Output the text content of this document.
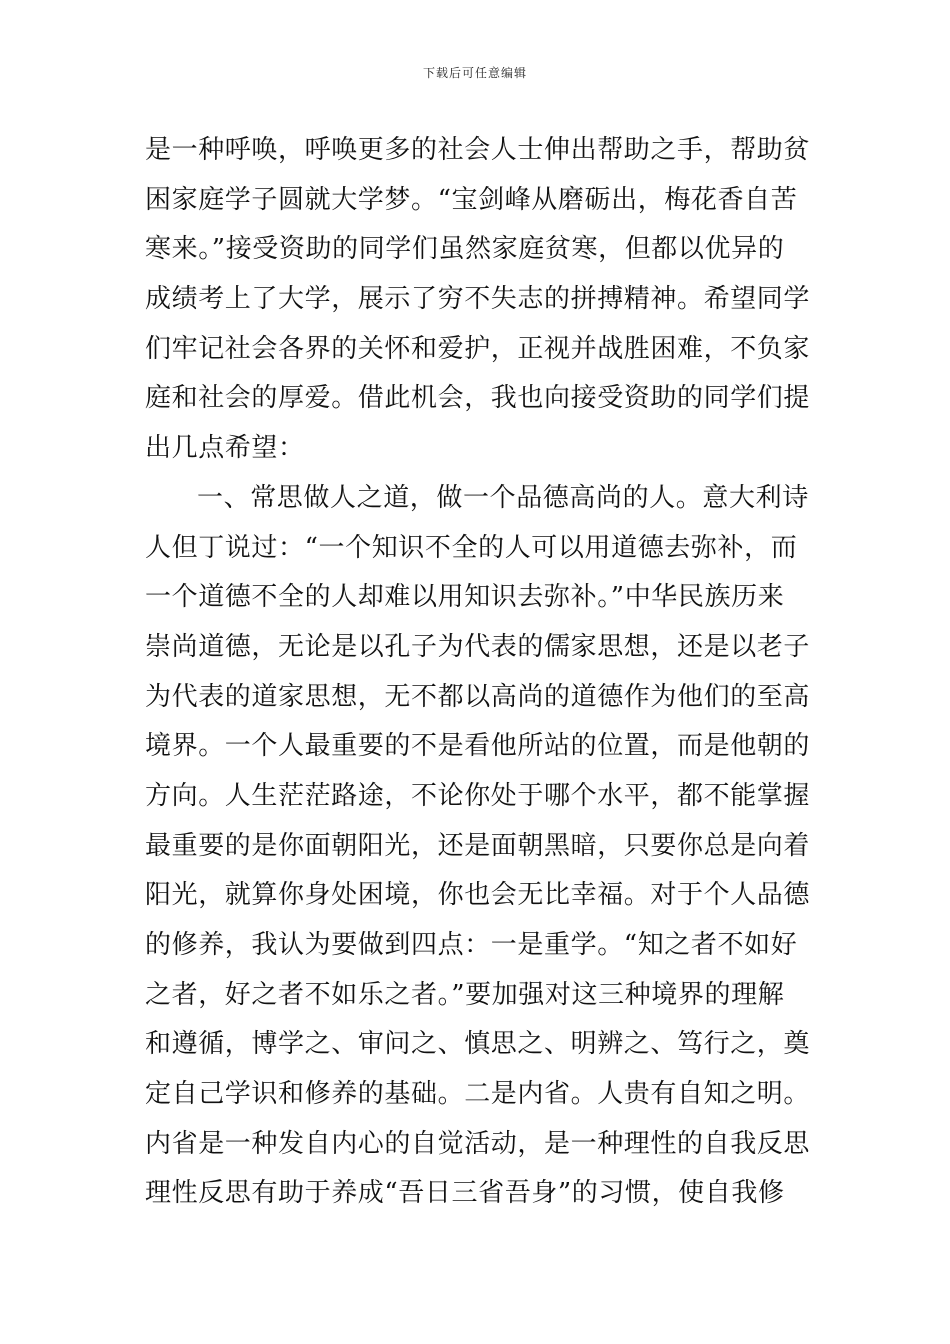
下载后可任意编辑
是一种呼唤，呼唤更多的社会人士伸出帮助之手，帮助贫
困家庭学子圆就大学梦。“宝剑峰从磨砺出，梅花香自苦
寒来。”接受资助的同学们虽然家庭贫寒，但都以优异的
成绩考上了大学，展示了穷不失志的拼搏精神。希望同学
们牢记社会各界的关怀和爱护，正视并战胜困难，不负家
庭和社会的厚爱。借此机会，我也向接受资助的同学们提
出几点希望：
一、常思做人之道，做一个品德高尚的人。意大利诗
人但丁说过：“一个知识不全的人可以用道德去弥补，而
一个道德不全的人却难以用知识去弥补。”中华民族历来
崇尚道德，无论是以孔子为代表的儒家思想，还是以老子
为代表的道家思想，无不都以高尚的道德作为他们的至高
境界。一个人最重要的不是看他所站的位置，而是他朝的
方向。人生茫茫路途，不论你处于哪个水平，都不能掌握
最重要的是你面朝阳光，还是面朝黑暗，只要你总是向着
阳光，就算你身处困境，你也会无比幸福。对于个人品德
的修养，我认为要做到四点：一是重学。“知之者不如好
之者，好之者不如乐之者。”要加强对这三种境界的理解
和遵循，博学之、审问之、慎思之、明辨之、笃行之，奠
定自己学识和修养的基础。二是内省。人贵有自知之明。
内省是一种发自内心的自觉活动，是一种理性的自我反思
理性反思有助于养成“吾日三省吾身”的习惯，使自我修
